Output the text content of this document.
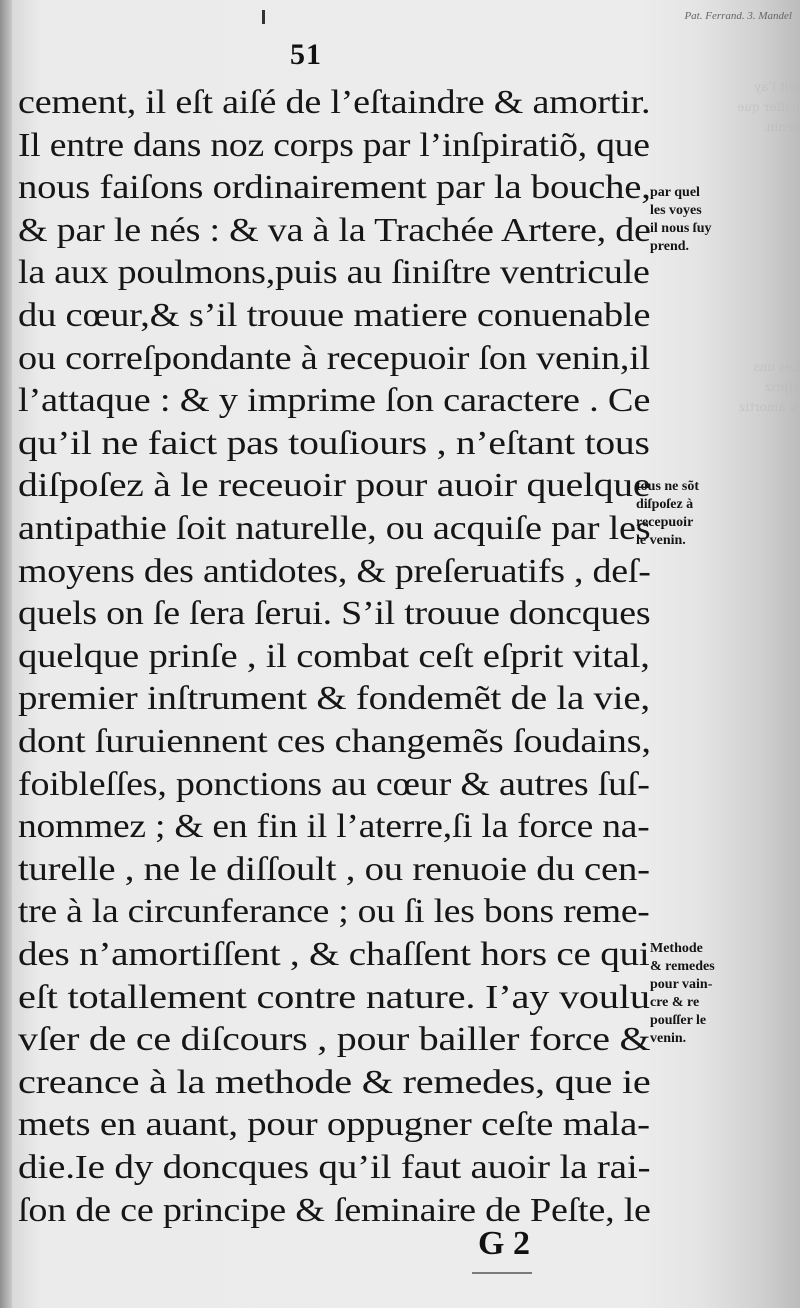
Pat. Ferrand. 3. Mandel
51
cement, il eſt aiſé de l’eſtaindre & amortir.
Il entre dans noz corps par l’inſpiratiõ, que
nous faiſons ordinairement par la bouche,
& par le nés : & va à la Trachée Artere, de
la aux poulmons,puis au ſiniſtre ventricule
du cœur,& s’il trouue matiere conuenable
ou correſpondante à recepuoir ſon venin,il
l’attaque : & y imprime ſon caractere . Ce
qu’il ne faict pas touſiours , n’eſtant tous
diſpoſez à le receuoir pour auoir quelque
antipathie ſoit naturelle, ou acquiſe par les
moyens des antidotes, & preſeruatifs , deſ-
quels on ſe ſera ſerui. S’il trouue doncques
quelque prinſe , il combat ceſt eſprit vital,
premier inſtrument & fondemẽt de la vie,
dont ſuruiennent ces changemẽs ſoudains,
foibleſſes, ponctions au cœur & autres ſuſ-
nommez ; & en fin il l’aterre,ſi la force na-
turelle , ne le diſſoult , ou renuoie du cen-
tre à la circunferance ; ou ſi les bons reme-
des n’amortiſſent , & chaſſent hors ce qui
eſt totallement contre nature. I’ay voulu
vſer de ce diſcours , pour bailler force &
creance à la methode & remedes, que ie
mets en auant, pour oppugner ceſte mala-
die.Ie dy doncques qu’il faut auoir la rai-
ſon de ce principe & ſeminaire de Peſte, le
par quel
les voyes
il nous ſuy
prend.
tous ne sõt
diſpoſez à
recepuoir
le venin.
Methode
& remedes
pour vain-
cre & re
pouſſer le
venin.
ſoit l’ay
paſſer que
venin.
Les uns
eſpriz
& amortiz
G 2
